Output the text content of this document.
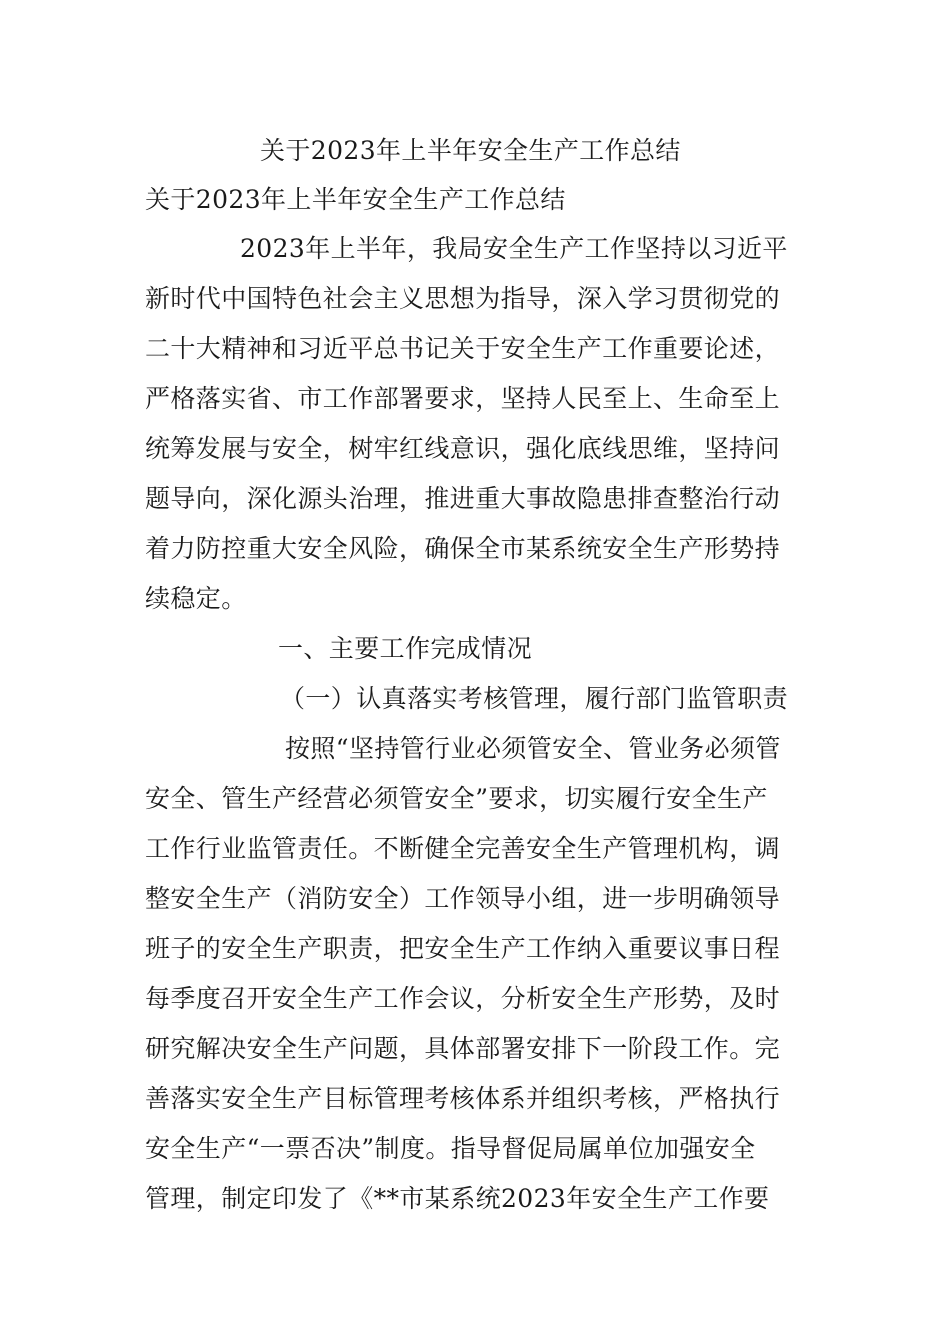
关于2023年上半年安全生产工作总结
关于2023年上半年安全生产工作总结
2023年上半年，我局安全生产工作坚持以习近平
新时代中国特色社会主义思想为指导，深入学习贯彻党的
二十大精神和习近平总书记关于安全生产工作重要论述，
严格落实省、市工作部署要求，坚持人民至上、生命至上
统筹发展与安全，树牢红线意识，强化底线思维，坚持问
题导向，深化源头治理，推进重大事故隐患排查整治行动
着力防控重大安全风险，确保全市某系统安全生产形势持
续稳定。
一、主要工作完成情况
（一）认真落实考核管理，履行部门监管职责
按照“坚持管行业必须管安全、管业务必须管
安全、管生产经营必须管安全”要求，切实履行安全生产
工作行业监管责任。不断健全完善安全生产管理机构，调
整安全生产（消防安全）工作领导小组，进一步明确领导
班子的安全生产职责，把安全生产工作纳入重要议事日程
每季度召开安全生产工作会议，分析安全生产形势，及时
研究解决安全生产问题，具体部署安排下一阶段工作。完
善落实安全生产目标管理考核体系并组织考核，严格执行
安全生产“一票否决”制度。指导督促局属单位加强安全
管理，制定印发了《**市某系统2023年安全生产工作要
